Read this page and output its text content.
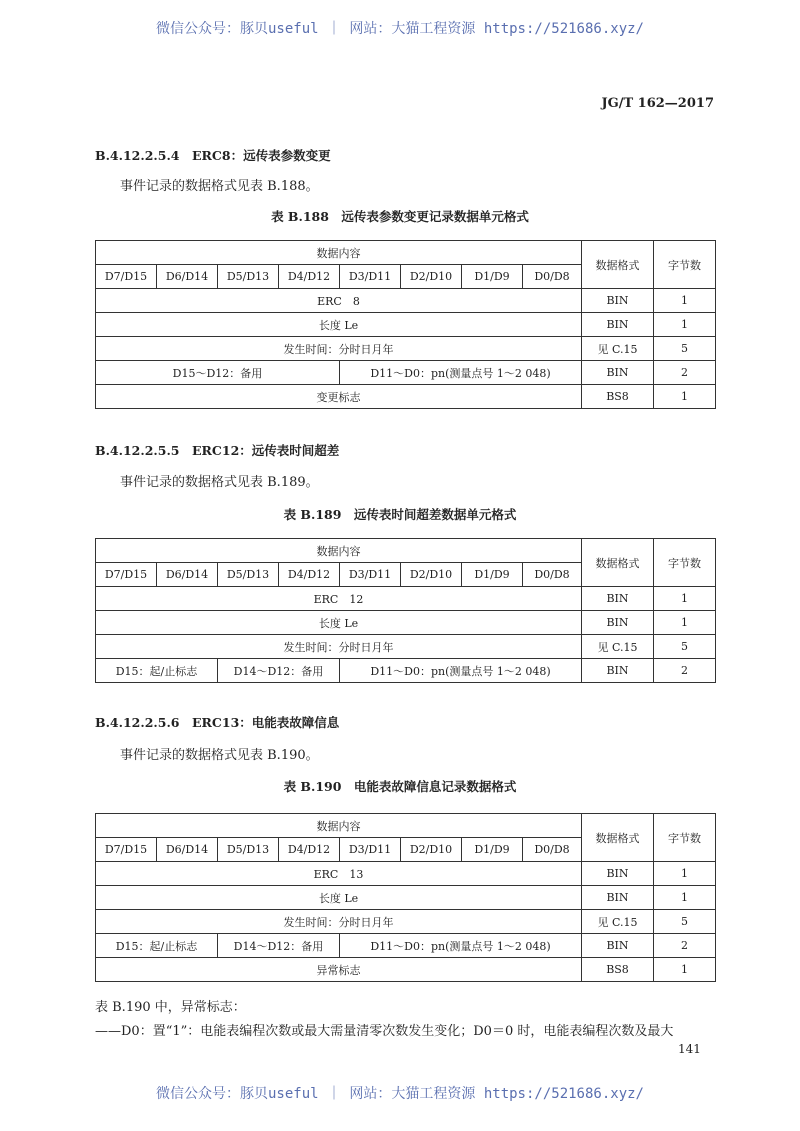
微信公众号：豚贝useful ｜ 网站：大猫工程资源 https://521686.xyz/
JG/T 162—2017
B.4.12.2.5.4　ERC8：远传表参数变更
事件记录的数据格式见表 B.188。
表 B.188　远传表参数变更记录数据单元格式
数据内容								数据格式	字节数
D7/D15	D6/D14	D5/D13	D4/D12	D3/D11	D2/D10	D1/D9	D0/D8		
ERC　8								BIN	1
长度 Le								BIN	1
发生时间：分时日月年								见 C.15	5
D15～D12：备用				D11～D0：pn(测量点号 1～2 048)				BIN	2
变更标志								BS8	1
B.4.12.2.5.5　ERC12：远传表时间超差
事件记录的数据格式见表 B.189。
表 B.189　远传表时间超差数据单元格式
数据内容								数据格式	字节数
D7/D15	D6/D14	D5/D13	D4/D12	D3/D11	D2/D10	D1/D9	D0/D8		
ERC　12								BIN	1
长度 Le								BIN	1
发生时间：分时日月年								见 C.15	5
D15：起/止标志		D14～D12：备用		D11～D0：pn(测量点号 1～2 048)				BIN	2
B.4.12.2.5.6　ERC13：电能表故障信息
事件记录的数据格式见表 B.190。
表 B.190　电能表故障信息记录数据格式
数据内容								数据格式	字节数
D7/D15	D6/D14	D5/D13	D4/D12	D3/D11	D2/D10	D1/D9	D0/D8		
ERC　13								BIN	1
长度 Le								BIN	1
发生时间：分时日月年								见 C.15	5
D15：起/止标志		D14～D12：备用		D11～D0：pn(测量点号 1～2 048)				BIN	2
异常标志								BS8	1
表 B.190 中，异常标志：
——D0：置“1”：电能表编程次数或最大需量清零次数发生变化；D0＝0 时，电能表编程次数及最大
141
微信公众号：豚贝useful ｜ 网站：大猫工程资源 https://521686.xyz/
